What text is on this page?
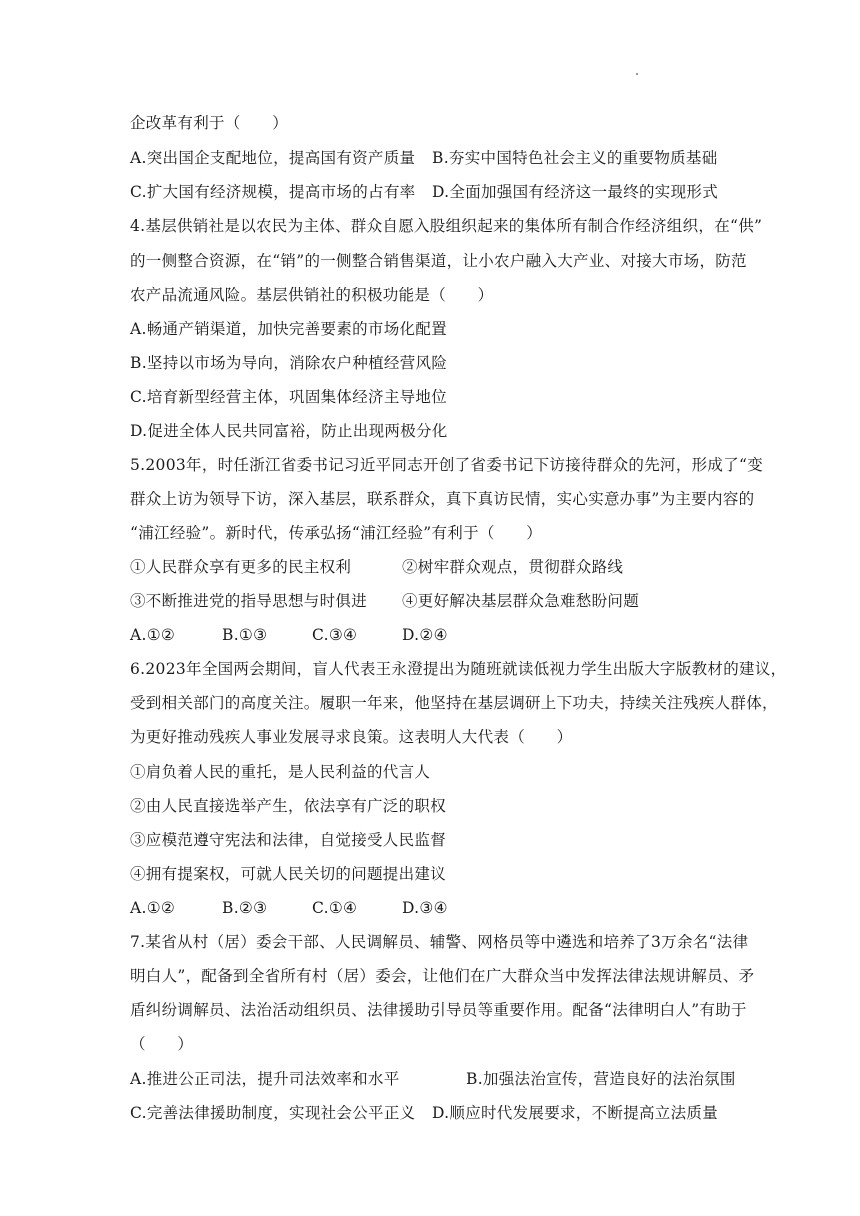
企改革有利于（　　）
A.突出国企支配地位，提高国有资产质量 B.夯实中国特色社会主义的重要物质基础
C.扩大国有经济规模，提高市场的占有率 D.全面加强国有经济这一最终的实现形式
4.基层供销社是以农民为主体、群众自愿入股组织起来的集体所有制合作经济组织，在“供”
的一侧整合资源，在“销”的一侧整合销售渠道，让小农户融入大产业、对接大市场，防范
农产品流通风险。基层供销社的积极功能是（　　）
A.畅通产销渠道，加快完善要素的市场化配置
B.坚持以市场为导向，消除农户种植经营风险
C.培育新型经营主体，巩固集体经济主导地位
D.促进全体人民共同富裕，防止出现两极分化
5.2003年，时任浙江省委书记习近平同志开创了省委书记下访接待群众的先河，形成了“变
群众上访为领导下访，深入基层，联系群众，真下真访民情，实心实意办事”为主要内容的
“浦江经验”。新时代，传承弘扬“浦江经验”有利于（　　）
①人民群众享有更多的民主权利	②树牢群众观点，贯彻群众路线
③不断推进党的指导思想与时俱进 ④更好解决基层群众急难愁盼问题
A.①②	B.①③	C.③④	D.②④
6.2023年全国两会期间，盲人代表王永澄提出为随班就读低视力学生出版大字版教材的建议，
受到相关部门的高度关注。履职一年来，他坚持在基层调研上下功夫，持续关注残疾人群体，
为更好推动残疾人事业发展寻求良策。这表明人大代表（　　）
①肩负着人民的重托，是人民利益的代言人
②由人民直接选举产生，依法享有广泛的职权
③应模范遵守宪法和法律，自觉接受人民监督
④拥有提案权，可就人民关切的问题提出建议
A.①②	B.②③	C.①④	D.③④
7.某省从村（居）委会干部、人民调解员、辅警、网格员等中遴选和培养了3万余名“法律
明白人”，配备到全省所有村（居）委会，让他们在广大群众当中发挥法律法规讲解员、矛
盾纠纷调解员、法治活动组织员、法律援助引导员等重要作用。配备“法律明白人”有助于
（　　）
A.推进公正司法，提升司法效率和水平	B.加强法治宣传，营造良好的法治氛围
C.完善法律援助制度，实现社会公平正义 D.顺应时代发展要求，不断提高立法质量
